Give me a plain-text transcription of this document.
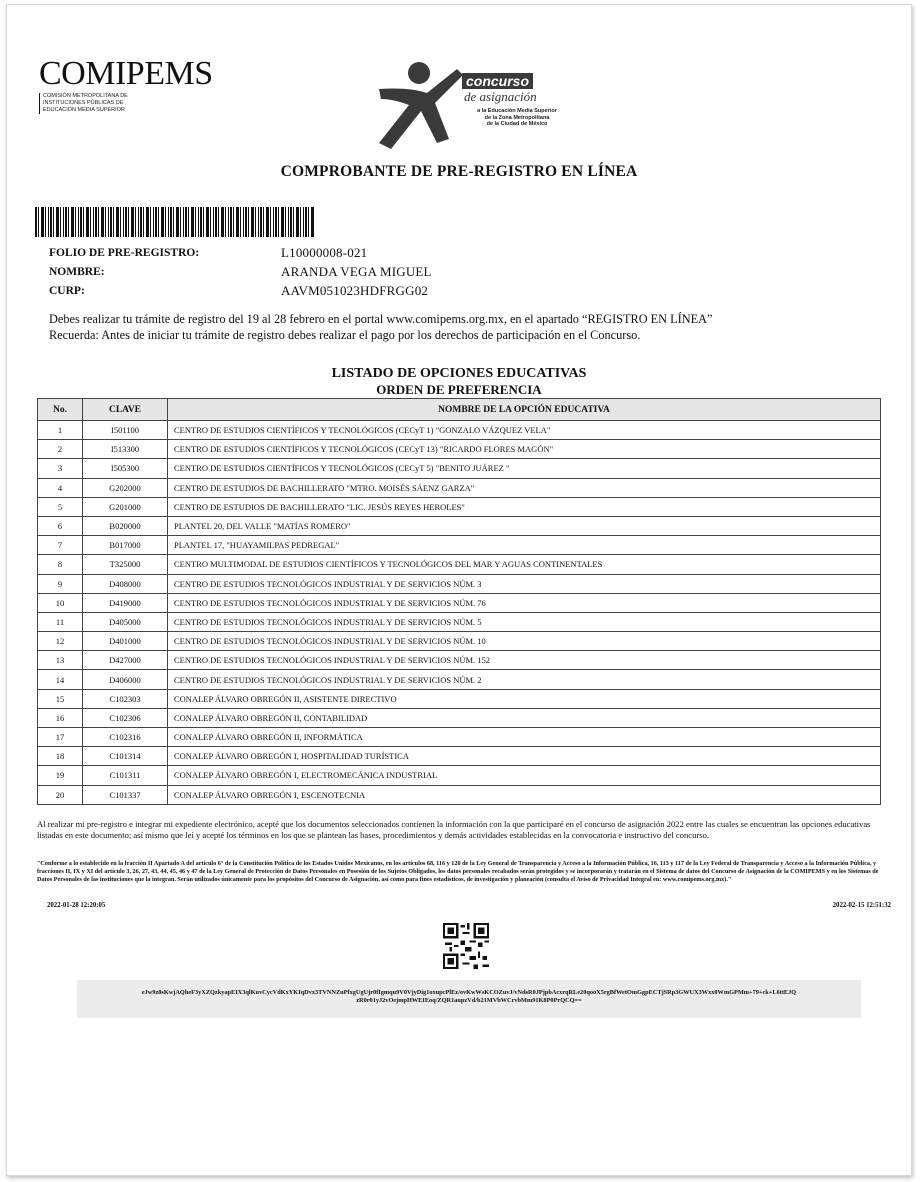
COMIPEMS
COMISIÓN METROPOLITANA DE
INSTITUCIONES PÚBLICAS DE
EDUCACIÓN MEDIA SUPERIOR
concurso
de asignación
a la Educación Media Superior
de la Zona Metropolitana
de la Ciudad de México
COMPROBANTE DE PRE-REGISTRO EN LÍNEA
FOLIO DE PRE-REGISTRO:	L10000008-021
NOMBRE:	ARANDA VEGA MIGUEL
CURP:	AAVM051023HDFRGG02
Debes realizar tu trámite de registro del 19 al 28 febrero en el portal www.comipems.org.mx, en el apartado “REGISTRO EN LÍNEA”
Recuerda: Antes de iniciar tu trámite de registro debes realizar el pago por los derechos de participación en el Concurso.
LISTADO DE OPCIONES EDUCATIVAS
ORDEN DE PREFERENCIA
No.	CLAVE	NOMBRE DE LA OPCIÓN EDUCATIVA
1	I501100	CENTRO DE ESTUDIOS CIENTÍFICOS Y TECNOLÓGICOS (CECyT 1) "GONZALO VÁZQUEZ VELA"
2	I513300	CENTRO DE ESTUDIOS CIENTÍFICOS Y TECNOLÓGICOS (CECyT 13) "RICARDO FLORES MAGÓN"
3	I505300	CENTRO DE ESTUDIOS CIENTÍFICOS Y TECNOLÓGICOS (CECyT 5) "BENITO JUÁREZ "
4	G202000	CENTRO DE ESTUDIOS DE BACHILLERATO "MTRO. MOISÉS SÁENZ GARZA"
5	G201000	CENTRO DE ESTUDIOS DE BACHILLERATO "LIC. JESÚS REYES HEROLES"
6	B020000	PLANTEL 20, DEL VALLE "MATÍAS ROMERO"
7	B017000	PLANTEL 17, "HUAYAMILPAS PEDREGAL"
8	T325000	CENTRO MULTIMODAL DE ESTUDIOS CIENTÍFICOS Y TECNOLÓGICOS DEL MAR Y AGUAS CONTINENTALES
9	D408000	CENTRO DE ESTUDIOS TECNOLÓGICOS INDUSTRIAL Y DE SERVICIOS NÚM. 3
10	D419000	CENTRO DE ESTUDIOS TECNOLÓGICOS INDUSTRIAL Y DE SERVICIOS NÚM. 76
11	D405000	CENTRO DE ESTUDIOS TECNOLÓGICOS INDUSTRIAL Y DE SERVICIOS NÚM. 5
12	D401000	CENTRO DE ESTUDIOS TECNOLÓGICOS INDUSTRIAL Y DE SERVICIOS NÚM. 10
13	D427000	CENTRO DE ESTUDIOS TECNOLÓGICOS INDUSTRIAL Y DE SERVICIOS NÚM. 152
14	D406000	CENTRO DE ESTUDIOS TECNOLÓGICOS INDUSTRIAL Y DE SERVICIOS NÚM. 2
15	C102303	CONALEP ÁLVARO OBREGÓN II, ASISTENTE DIRECTIVO
16	C102306	CONALEP ÁLVARO OBREGÓN II, CONTABILIDAD
17	C102316	CONALEP ÁLVARO OBREGÓN II, INFORMÁTICA
18	C101314	CONALEP ÁLVARO OBREGÓN I, HOSPITALIDAD TURÍSTICA
19	C101311	CONALEP ÁLVARO OBREGÓN I, ELECTROMECÁNICA INDUSTRIAL
20	C101337	CONALEP ÁLVARO OBREGÓN I, ESCENOTECNIA
Al realizar mi pre-registro e integrar mi expediente electrónico, acepté que los documentos seleccionados contienen la información con la que participaré en el concurso de asignación 2022 entre las cuales se encuentran las opciones educativas listadas en este documento; así mismo que leí y acepté los términos en los que se plantean las bases, procedimientos y demás actividades establecidas en la convocatoria e instructivo del concurso.
"Conforme a lo establecido en la fracción II Apartado A del artículo 6° de la Constitución Política de los Estados Unidos Mexicanos, en los artículos 68, 116 y 120 de la Ley General de Transparencia y Acceso a la Información Pública, 16, 113 y 117 de la Ley Federal de Transparencia y Acceso a la Información Pública, y fracciones II, IX y XI del artículo 3, 26, 27, 43, 44, 45, 46 y 47 de la Ley General de Protección de Datos Personales en Posesión de los Sujetos Obligados, los datos personales recabados serán protegidos y se incorporarán y tratarán en el Sistema de datos del Concurso de Asignación de la COMIPEMS y en los Sistemas de Datos Personales de las instituciones que la integran. Serán utilizados únicamente para los propósitos del Concurso de Asignación, así como para fines estadísticos, de investigación y planeación (consulta el Aviso de Privacidad Integral en: www.comipems.org.mx)."
2022-01-28 12:20:05	2022-02-15 12:51:32
eJw9z8sKwjAQheF3yXZQzkyapEIX3qlKuvCycVdKxYKIqDvx3TVNNZuPfxgUgUjr0fIgmqu9V0VjyDig1oxupcPlEz/ovKwWsKCOZuvJ/vNdsR0JPjpbAcxrqRLe20qooX5rgBfWetOmGgpECTjSRp3GWUX3Wxx0WmGPMm+79+ck+L6ttEJQ
zR0r01yJ2vOejmpHWEIEoq/ZQR1aupzVd/b21MVbWCrvbMm91K8P0PrQCQ==
